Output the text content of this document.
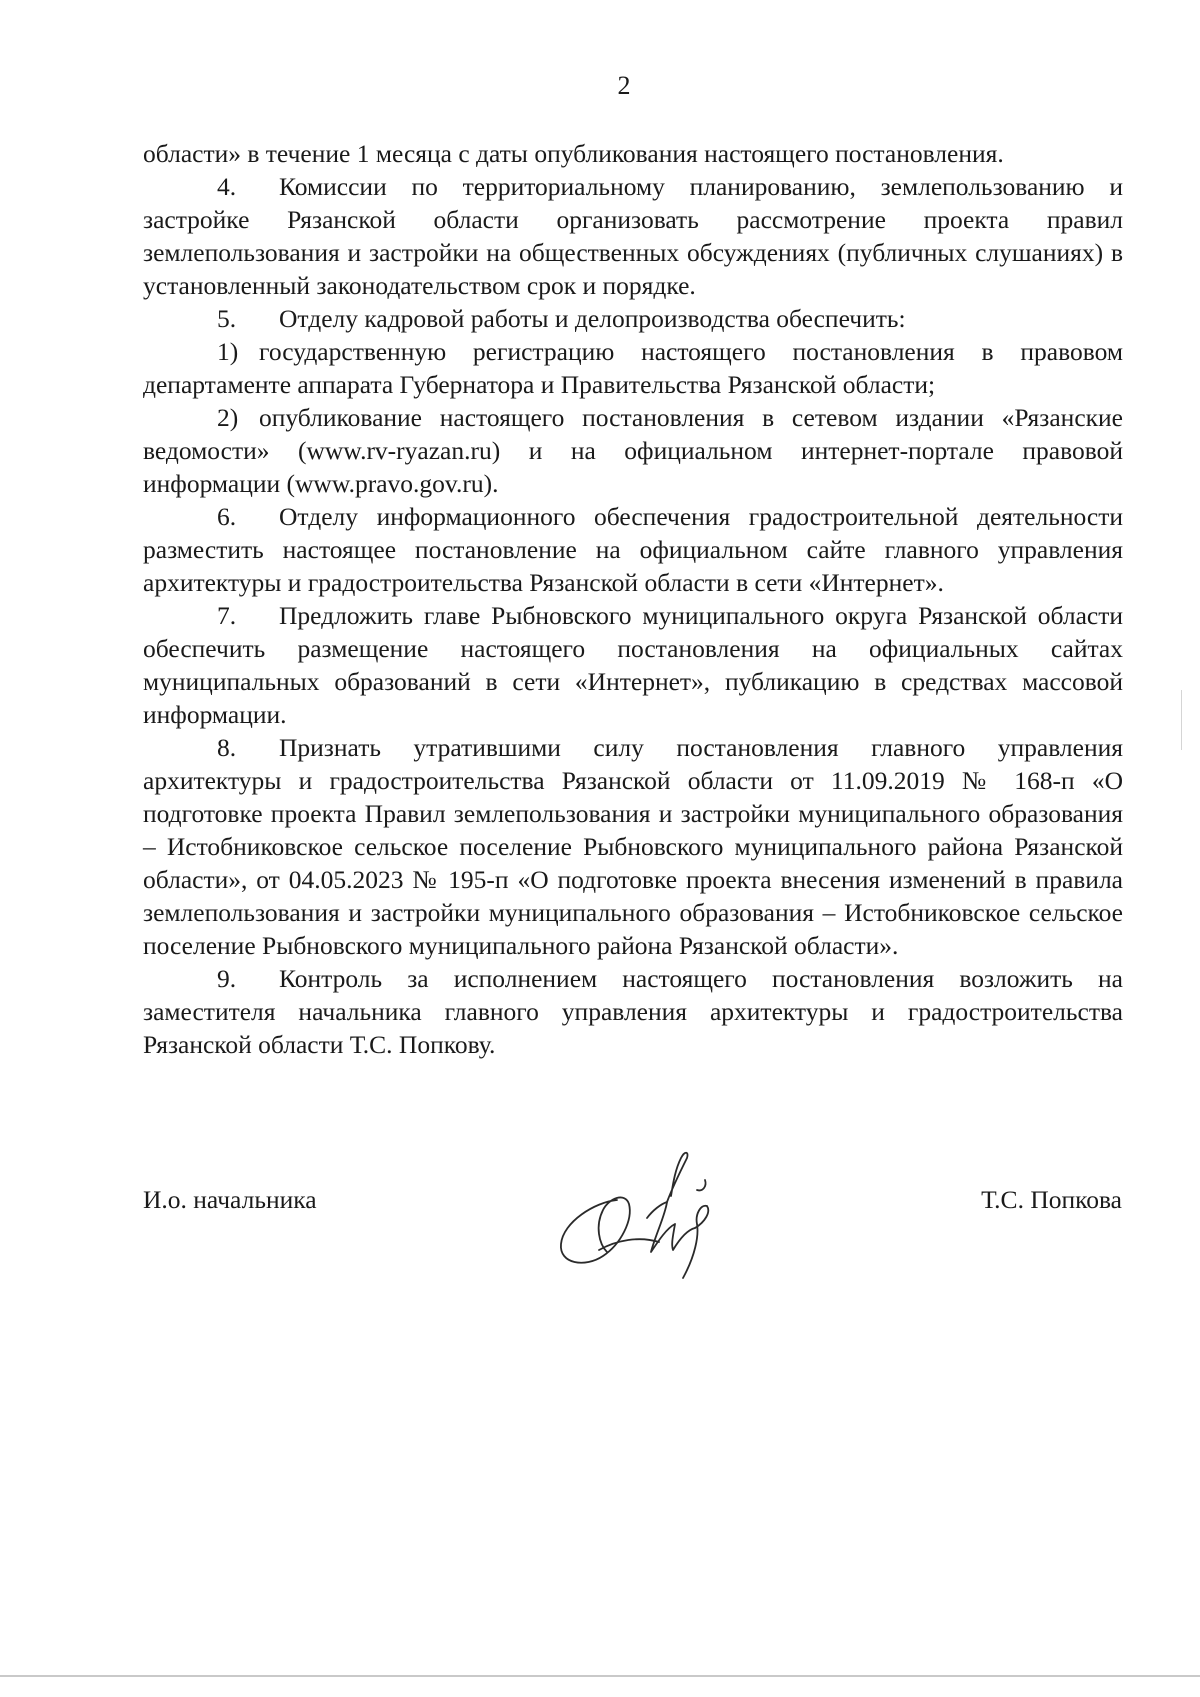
2

области» в течение 1 месяца с даты опубликования настоящего постановления.

4. Комиссии по территориальному планированию, землепользованию и застройке Рязанской области организовать рассмотрение проекта правил землепользования и застройки на общественных обсуждениях (публичных слушаниях) в установленный законодательством срок и порядке.

5. Отделу кадровой работы и делопроизводства обеспечить:

1) государственную регистрацию настоящего постановления в правовом департаменте аппарата Губернатора и Правительства Рязанской области;

2) опубликование настоящего постановления в сетевом издании «Рязанские ведомости» (www.rv-ryazan.ru) и на официальном интернет-портале правовой информации (www.pravo.gov.ru).

6. Отделу информационного обеспечения градостроительной деятельности разместить настоящее постановление на официальном сайте главного управления архитектуры и градостроительства Рязанской области в сети «Интернет».

7. Предложить главе Рыбновского муниципального округа Рязанской области обеспечить размещение настоящего постановления на официальных сайтах муниципальных образований в сети «Интернет», публикацию в средствах массовой информации.

8. Признать утратившими силу постановления главного управления архитектуры и градостроительства Рязанской области от 11.09.2019 № 168-п «О подготовке проекта Правил землепользования и застройки муниципального образования – Истобниковское сельское поселение Рыбновского муниципального района Рязанской области», от 04.05.2023 № 195-п «О подготовке проекта внесения изменений в правила землепользования и застройки муниципального образования – Истобниковское сельское поселение Рыбновского муниципального района Рязанской области».

9. Контроль за исполнением настоящего постановления возложить на заместителя начальника главного управления архитектуры и градостроительства Рязанской области Т.С. Попкову.

И.о. начальника	Т.С. Попкова
